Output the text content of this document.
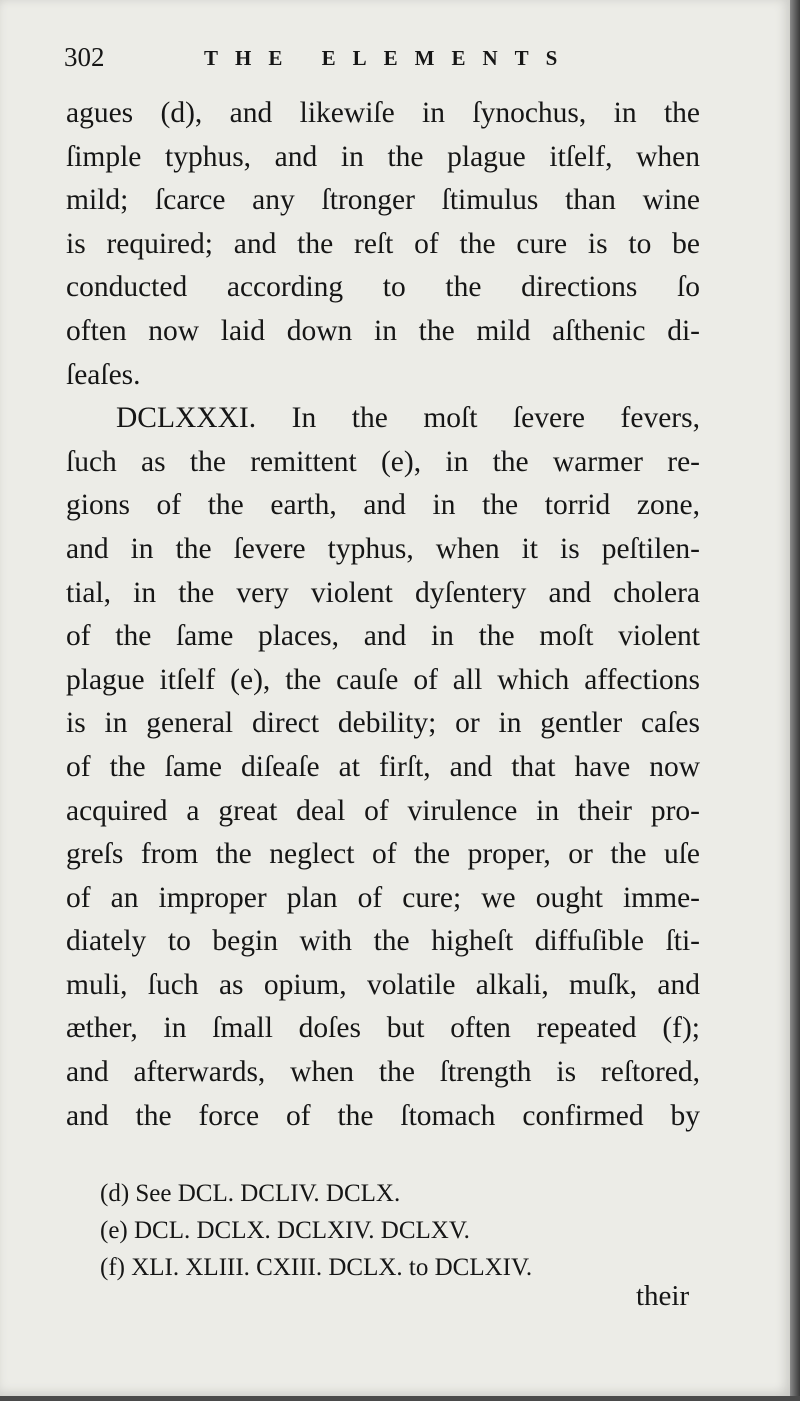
302	THE ELEMENTS
agues (d), and likewiſe in ſynochus, in the
ſimple typhus, and in the plague itſelf, when
mild; ſcarce any ſtronger ſtimulus than wine
is required; and the reſt of the cure is to be
conducted according to the directions ſo
often now laid down in the mild aſthenic di-
ſeaſes.
DCLXXXI. In the moſt ſevere fevers,
ſuch as the remittent (e), in the warmer re-
gions of the earth, and in the torrid zone,
and in the ſevere typhus, when it is peſtilen-
tial, in the very violent dyſentery and cholera
of the ſame places, and in the moſt violent
plague itſelf (e), the cauſe of all which affections
is in general direct debility; or in gentler caſes
of the ſame diſeaſe at firſt, and that have now
acquired a great deal of virulence in their pro-
greſs from the neglect of the proper, or the uſe
of an improper plan of cure; we ought imme-
diately to begin with the higheſt diffuſible ſti-
muli, ſuch as opium, volatile alkali, muſk, and
æther, in ſmall doſes but often repeated (f);
and afterwards, when the ſtrength is reſtored,
and the force of the ſtomach confirmed by
(d) See DCL. DCLIV. DCLX.
(e) DCL. DCLX. DCLXIV. DCLXV.
(f) XLI. XLIII. CXIII. DCLX. to DCLXIV.
their
